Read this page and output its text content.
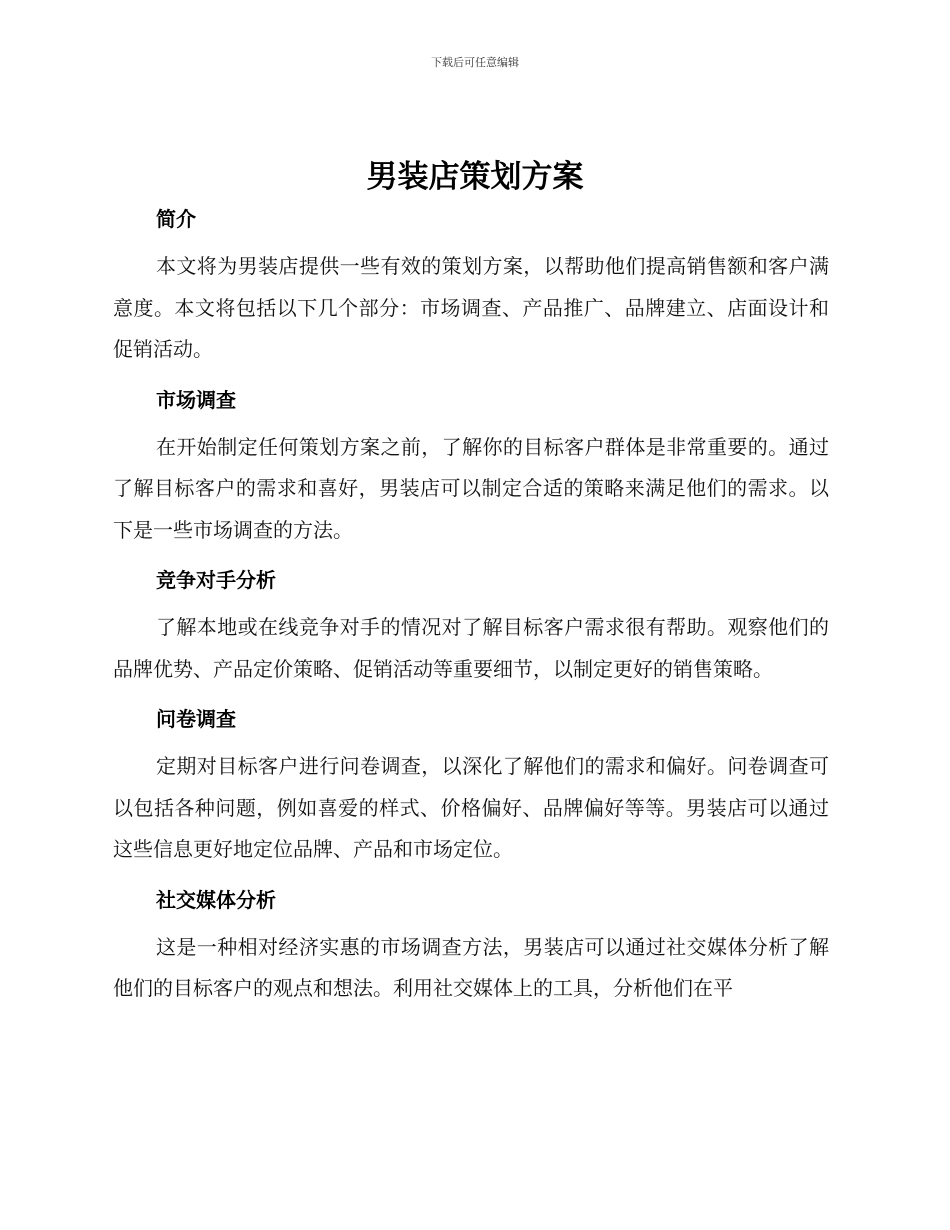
下载后可任意编辑
男装店策划方案
简介
本文将为男装店提供一些有效的策划方案，以帮助他们提高销售额和客户满意度。本文将包括以下几个部分：市场调查、产品推广、品牌建立、店面设计和促销活动。
市场调查
在开始制定任何策划方案之前，了解你的目标客户群体是非常重要的。通过了解目标客户的需求和喜好，男装店可以制定合适的策略来满足他们的需求。以下是一些市场调查的方法。
竞争对手分析
了解本地或在线竞争对手的情况对了解目标客户需求很有帮助。观察他们的品牌优势、产品定价策略、促销活动等重要细节，以制定更好的销售策略。
问卷调查
定期对目标客户进行问卷调查，以深化了解他们的需求和偏好。问卷调查可以包括各种问题，例如喜爱的样式、价格偏好、品牌偏好等等。男装店可以通过这些信息更好地定位品牌、产品和市场定位。
社交媒体分析
这是一种相对经济实惠的市场调查方法，男装店可以通过社交媒体分析了解他们的目标客户的观点和想法。利用社交媒体上的工具，分析他们在平
